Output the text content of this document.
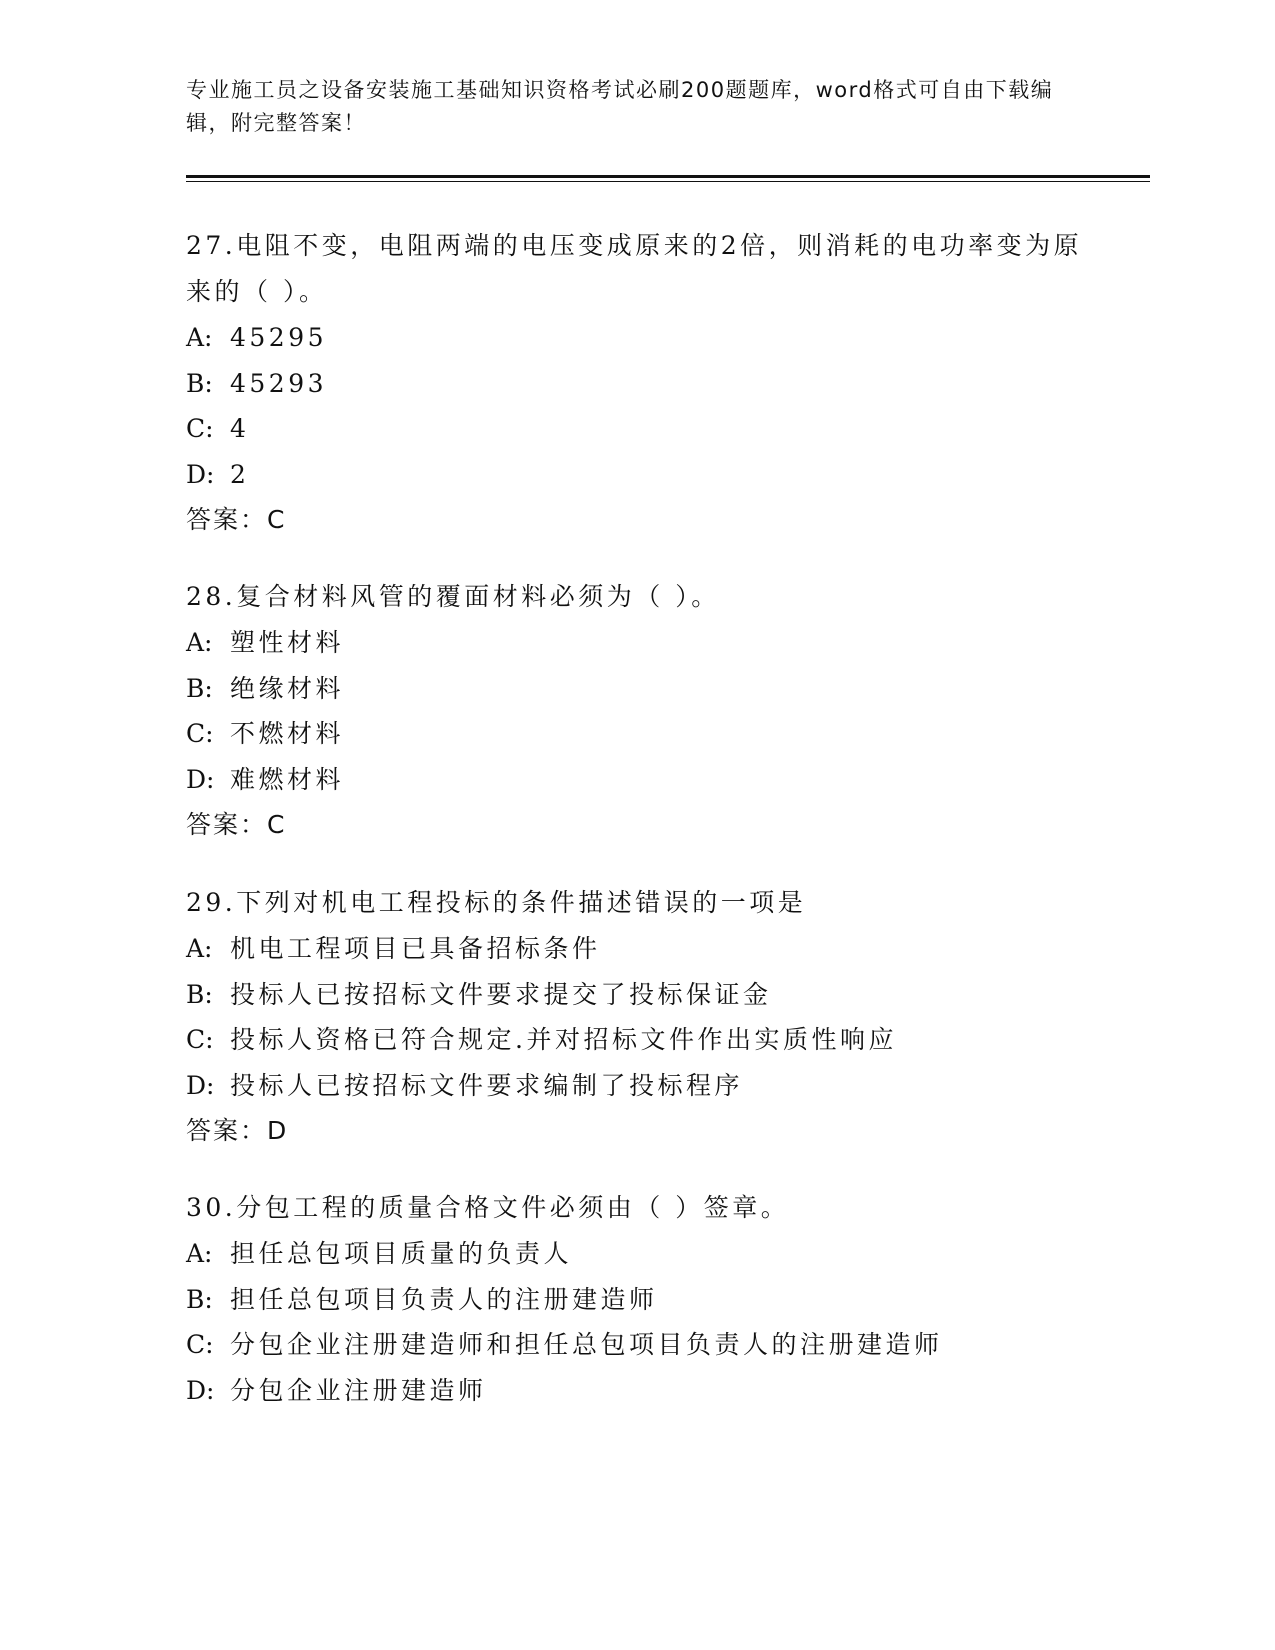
专业施工员之设备安装施工基础知识资格考试必刷200题题库，word格式可自由下载编辑，附完整答案！

27.电阻不变，电阻两端的电压变成原来的2倍，则消耗的电功率变为原来的（ ）。

A: 45295

B: 45293

C: 4

D: 2

答案：C

28.复合材料风管的覆面材料必须为（ ）。

A: 塑性材料

B: 绝缘材料

C: 不燃材料

D: 难燃材料

答案：C

29.下列对机电工程投标的条件描述错误的一项是

A: 机电工程项目已具备招标条件

B: 投标人已按招标文件要求提交了投标保证金

C: 投标人资格已符合规定.并对招标文件作出实质性响应

D: 投标人已按招标文件要求编制了投标程序

答案：D

30.分包工程的质量合格文件必须由（ ）签章。

A: 担任总包项目质量的负责人

B: 担任总包项目负责人的注册建造师

C: 分包企业注册建造师和担任总包项目负责人的注册建造师

D: 分包企业注册建造师
